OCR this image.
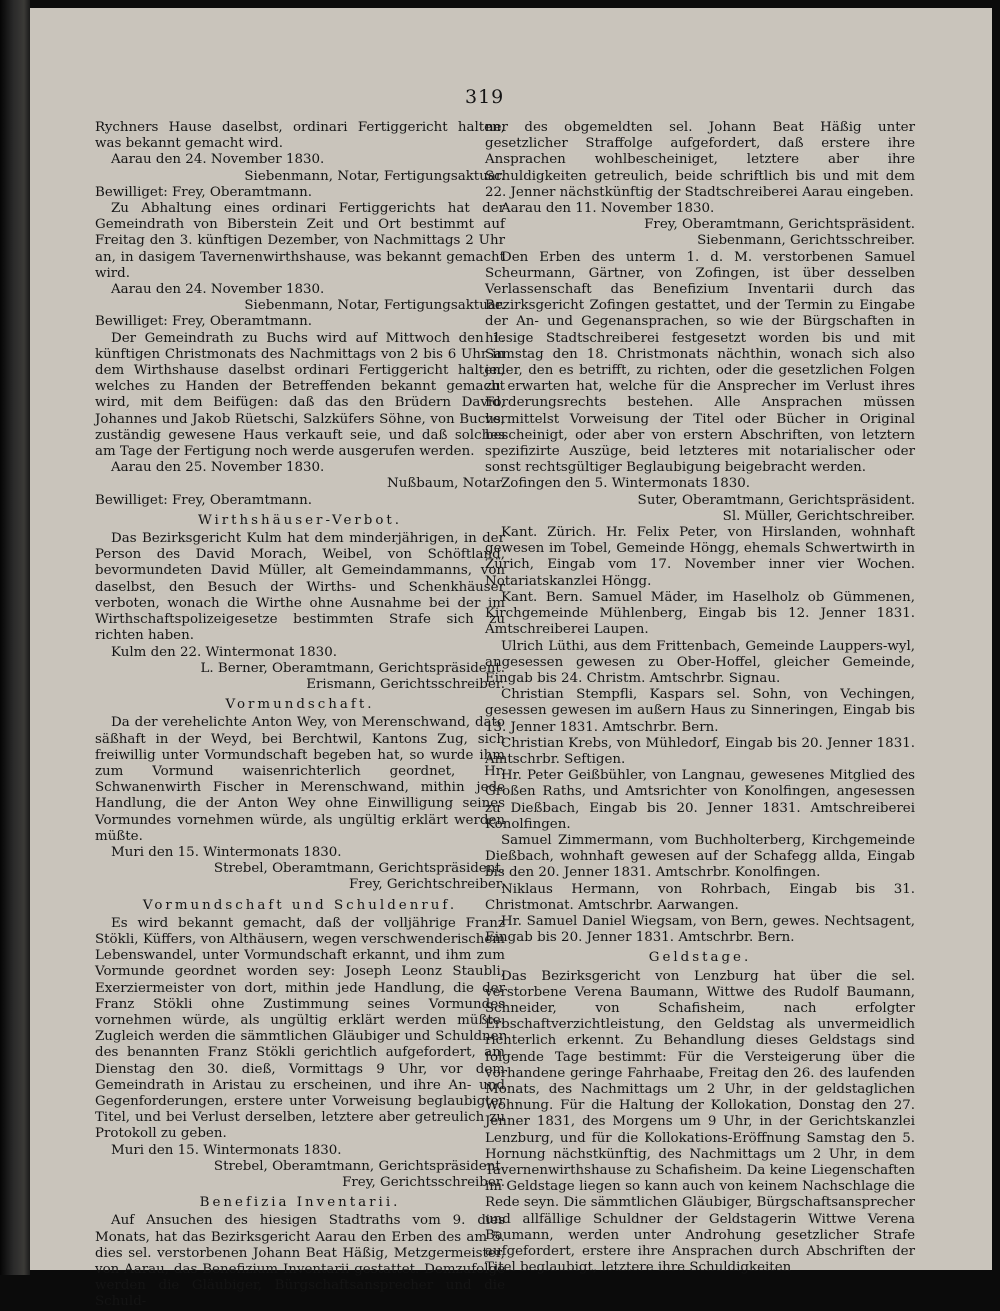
319

Rychners Hause daselbst, ordinari Fertiggericht halten, was bekannt gemacht wird.

Aarau den 24. November 1830.

Siebenmann, Notar, Fertigungsaktuar.

Bewilliget: Frey, Oberamtmann.

Zu Abhaltung eines ordinari Fertiggerichts hat der Gemeindrath von Biberstein Zeit und Ort bestimmt auf Freitag den 3. künftigen Dezember, von Nachmittags 2 Uhr an, in dasigem Tavernenwirthshause, was bekannt gemacht wird.

Aarau den 24. November 1830.

Siebenmann, Notar, Fertigungsaktuar.

Bewilliget: Frey, Oberamtmann.

Der Gemeindrath zu Buchs wird auf Mittwoch den 1. künftigen Christmonats des Nachmittags von 2 bis 6 Uhr in dem Wirthshause daselbst ordinari Fertiggericht halten, welches zu Handen der Betreffenden bekannt gemacht wird, mit dem Beifügen: daß das den Brüdern David, Johannes und Jakob Rüetschi, Salzküfers Söhne, von Buchs, zuständig gewesene Haus verkauft seie, und daß solches am Tage der Fertigung noch werde ausgerufen werden.

Aarau den 25. November 1830.

Nußbaum, Notar.

Bewilliget: Frey, Oberamtmann.

Wirthshäuser-Verbot.

Das Bezirksgericht Kulm hat dem minderjährigen, in der Person des David Morach, Weibel, von Schöftland, bevormundeten David Müller, alt Gemeindammanns, von daselbst, den Besuch der Wirths- und Schenkhäuser verboten, wonach die Wirthe ohne Ausnahme bei der im Wirthschaftspolizeigesetze bestimmten Strafe sich zu richten haben.

Kulm den 22. Wintermonat 1830.

L. Berner, Oberamtmann, Gerichtspräsident.

Erismann, Gerichtsschreiber.

Vormundschaft.

Da der verehelichte Anton Wey, von Merenschwand, dato säßhaft in der Weyd, bei Berchtwil, Kantons Zug, sich freiwillig unter Vormundschaft begeben hat, so wurde ihm zum Vormund waisenrichterlich geordnet, Hr. Schwanenwirth Fischer in Merenschwand, mithin jede Handlung, die der Anton Wey ohne Einwilligung seines Vormundes vornehmen würde, als ungültig erklärt werden müßte.

Muri den 15. Wintermonats 1830.

Strebel, Oberamtmann, Gerichtspräsident.

Frey, Gerichtschreiber.

Vormundschaft und Schuldenruf.

Es wird bekannt gemacht, daß der volljährige Franz Stökli, Küffers, von Althäusern, wegen verschwenderischem Lebenswandel, unter Vormundschaft erkannt, und ihm zum Vormunde geordnet worden sey: Joseph Leonz Staubli, Exerziermeister von dort, mithin jede Handlung, die der Franz Stökli ohne Zustimmung seines Vormundes vornehmen würde, als ungültig erklärt werden müßte. Zugleich werden die sämmtlichen Gläubiger und Schuldner des benannten Franz Stökli gerichtlich aufgefordert, am Dienstag den 30. dieß, Vormittags 9 Uhr, vor dem Gemeindrath in Aristau zu erscheinen, und ihre An- und Gegenforderungen, erstere unter Vorweisung beglaubigter Titel, und bei Verlust derselben, letztere aber getreulich zu Protokoll zu geben.

Muri den 15. Wintermonats 1830.

Strebel, Oberamtmann, Gerichtspräsident.

Frey, Gerichtsschreiber.

Benefizia Inventarii.

Auf Ansuchen des hiesigen Stadtraths vom 9. dies Monats, hat das Bezirksgericht Aarau den Erben des am 5. dies sel. verstorbenen Johann Beat Häßig, Metzgermeister, von Aarau, das Benefizium Inventarii gestattet. Demzufolge werden die Gläubiger, Bürgschaftsansprecher und die Schuld-

ner des obgemeldten sel. Johann Beat Häßig unter gesetzlicher Straffolge aufgefordert, daß erstere ihre Ansprachen wohlbescheiniget, letztere aber ihre Schuldigkeiten getreulich, beide schriftlich bis und mit dem 22. Jenner nächstkünftig der Stadtschreiberei Aarau eingeben.

Aarau den 11. November 1830.

Frey, Oberamtmann, Gerichtspräsident.

Siebenmann, Gerichtsschreiber.

Den Erben des unterm 1. d. M. verstorbenen Samuel Scheurmann, Gärtner, von Zofingen, ist über desselben Verlassenschaft das Benefizium Inventarii durch das Bezirksgericht Zofingen gestattet, und der Termin zu Eingabe der An- und Gegenansprachen, so wie der Bürgschaften in hiesige Stadtschreiberei festgesetzt worden bis und mit Samstag den 18. Christmonats nächthin, wonach sich also jeder, den es betrifft, zu richten, oder die gesetzlichen Folgen zu erwarten hat, welche für die Ansprecher im Verlust ihres Forderungsrechts bestehen. Alle Ansprachen müssen vermittelst Vorweisung der Titel oder Bücher in Original bescheinigt, oder aber von erstern Abschriften, von letztern spezifizirte Auszüge, beid letzteres mit notarialischer oder sonst rechtsgültiger Beglaubigung beigebracht werden.

Zofingen den 5. Wintermonats 1830.

Suter, Oberamtmann, Gerichtspräsident.

Sl. Müller, Gerichtschreiber.

Kant. Zürich. Hr. Felix Peter, von Hirslanden, wohnhaft gewesen im Tobel, Gemeinde Höngg, ehemals Schwertwirth in Zürich, Eingab vom 17. November inner vier Wochen. Notariatskanzlei Höngg.

Kant. Bern. Samuel Mäder, im Haselholz ob Gümmenen, Kirchgemeinde Mühlenberg, Eingab bis 12. Jenner 1831. Amtschreiberei Laupen.

Ulrich Lüthi, aus dem Frittenbach, Gemeinde Lauppers-wyl, angesessen gewesen zu Ober-Hoffel, gleicher Gemeinde, Eingab bis 24. Christm. Amtschrbr. Signau.

Christian Stempfli, Kaspars sel. Sohn, von Vechingen, gesessen gewesen im außern Haus zu Sinneringen, Eingab bis 13. Jenner 1831. Amtschrbr. Bern.

Christian Krebs, von Mühledorf, Eingab bis 20. Jenner 1831. Amtschrbr. Seftigen.

Hr. Peter Geißbühler, von Langnau, gewesenes Mitglied des Großen Raths, und Amtsrichter von Konolfingen, angesessen zu Dießbach, Eingab bis 20. Jenner 1831. Amtschreiberei Konolfingen.

Samuel Zimmermann, vom Buchholterberg, Kirchgemeinde Dießbach, wohnhaft gewesen auf der Schafegg allda, Eingab bis den 20. Jenner 1831. Amtschrbr. Konolfingen.

Niklaus Hermann, von Rohrbach, Eingab bis 31. Christmonat. Amtschrbr. Aarwangen.

Hr. Samuel Daniel Wiegsam, von Bern, gewes. Nechtsagent, Eingab bis 20. Jenner 1831. Amtschrbr. Bern.

Geldstage.

Das Bezirksgericht von Lenzburg hat über die sel. verstorbene Verena Baumann, Wittwe des Rudolf Baumann, Schneider, von Schafisheim, nach erfolgter Erbschaftverzichtleistung, den Geldstag als unvermeidlich richterlich erkennt. Zu Behandlung dieses Geldstags sind folgende Tage bestimmt: Für die Versteigerung über die vorhandene geringe Fahrhaabe, Freitag den 26. des laufenden Monats, des Nachmittags um 2 Uhr, in der geldstaglichen Wohnung. Für die Haltung der Kollokation, Donstag den 27. Jenner 1831, des Morgens um 9 Uhr, in der Gerichtskanzlei Lenzburg, und für die Kollokations-Eröffnung Samstag den 5. Hornung nächstkünftig, des Nachmittags um 2 Uhr, in dem Tavernenwirthshause zu Schafisheim. Da keine Liegenschaften im Geldstage liegen so kann auch von keinem Nachschlage die Rede seyn. Die sämmtlichen Gläubiger, Bürgschaftsansprecher und allfällige Schuldner der Geldstagerin Wittwe Verena Baumann, werden unter Androhung gesetzlicher Strafe aufgefordert, erstere ihre Ansprachen durch Abschriften der Titel beglaubigt, letztere ihre Schuldigkeiten
